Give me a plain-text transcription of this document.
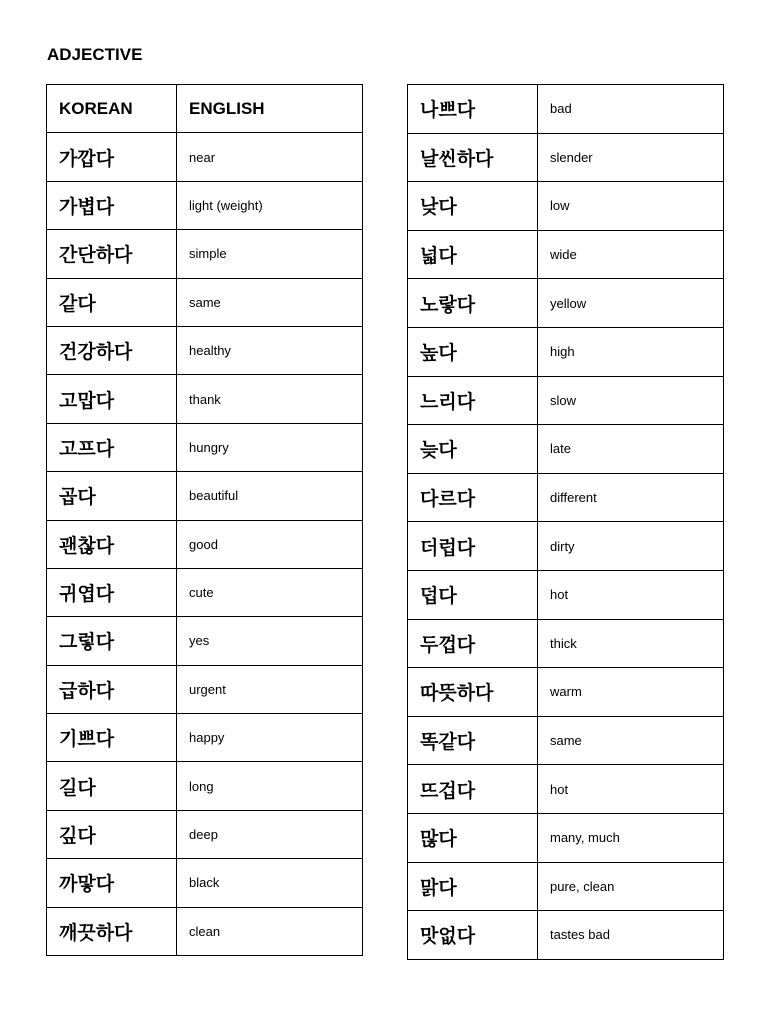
ADJECTIVE
KOREAN	ENGLISH
가깝다	near
가볍다	light (weight)
간단하다	simple
같다	same
건강하다	healthy
고맙다	thank
고프다	hungry
곱다	beautiful
괜찮다	good
귀엽다	cute
그렇다	yes
급하다	urgent
기쁘다	happy
길다	long
깊다	deep
까맣다	black
깨끗하다	clean
나쁘다	bad
날씬하다	slender
낮다	low
넓다	wide
노랗다	yellow
높다	high
느리다	slow
늦다	late
다르다	different
더럽다	dirty
덥다	hot
두껍다	thick
따뜻하다	warm
똑같다	same
뜨겁다	hot
많다	many, much
맑다	pure, clean
맛없다	tastes bad
